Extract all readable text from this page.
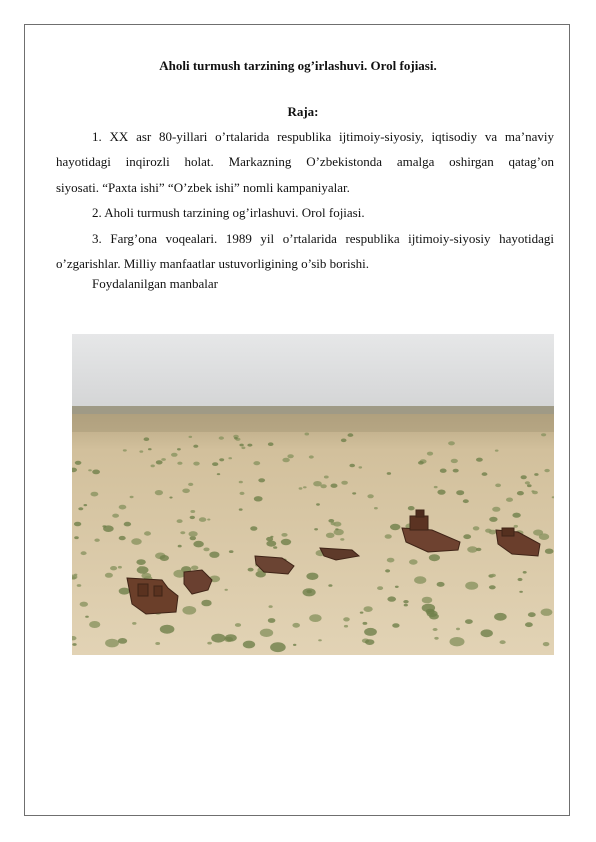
Aholi turmush tarzining og’irlashuvi. Orol fojiasi.
Raja:
1. XX asr 80-yillari o’rtalarida respublika ijtimoiy-siyosiy, iqtisodiy va ma’naviy
hayotidagi inqirozli holat. Markazning O’zbekistonda amalga oshirgan qatag’on
siyosati. “Paxta ishi” “O’zbek ishi” nomli kampaniyalar.
2. Aholi turmush tarzining og’irlashuvi. Orol fojiasi.
3. Farg’ona voqealari. 1989 yil o’rtalarida respublika ijtimoiy-siyosiy hayotidagi
o’zgarishlar. Milliy manfaatlar ustuvorligining o’sib borishi.
Foydalanilgan manbalar
